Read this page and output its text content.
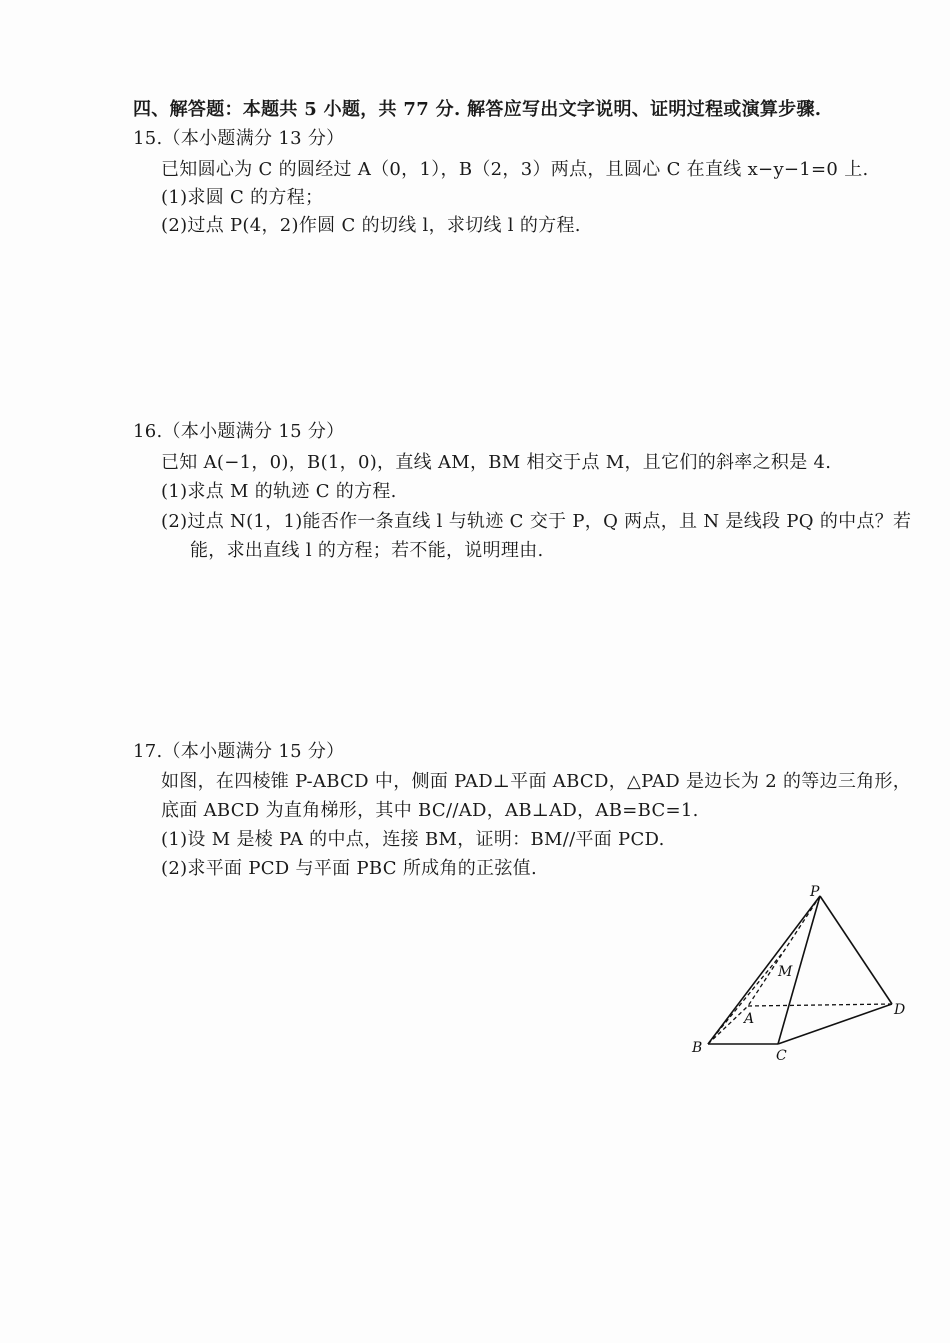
四、解答题：本题共 5 小题，共 77 分. 解答应写出文字说明、证明过程或演算步骤.
15.（本小题满分 13 分）
已知圆心为 C 的圆经过 A（0，1），B（2，3）两点，且圆心 C 在直线 x−y−1=0 上.
(1)求圆 C 的方程；
(2)过点 P(4，2)作圆 C 的切线 l，求切线 l 的方程.
16.（本小题满分 15 分）
已知 A(−1，0)，B(1，0)，直线 AM，BM 相交于点 M，且它们的斜率之积是 4.
(1)求点 M 的轨迹 C 的方程.
(2)过点 N(1，1)能否作一条直线 l 与轨迹 C 交于 P，Q 两点，且 N 是线段 PQ 的中点？若
能，求出直线 l 的方程；若不能，说明理由.
17.（本小题满分 15 分）
如图，在四棱锥 P-ABCD 中，侧面 PAD⊥平面 ABCD，△PAD 是边长为 2 的等边三角形，
底面 ABCD 为直角梯形，其中 BC//AD，AB⊥AD，AB=BC=1.
(1)设 M 是棱 PA 的中点，连接 BM，证明：BM//平面 PCD.
(2)求平面 PCD 与平面 PBC 所成角的正弦值.
P
M
A
B	C
D
